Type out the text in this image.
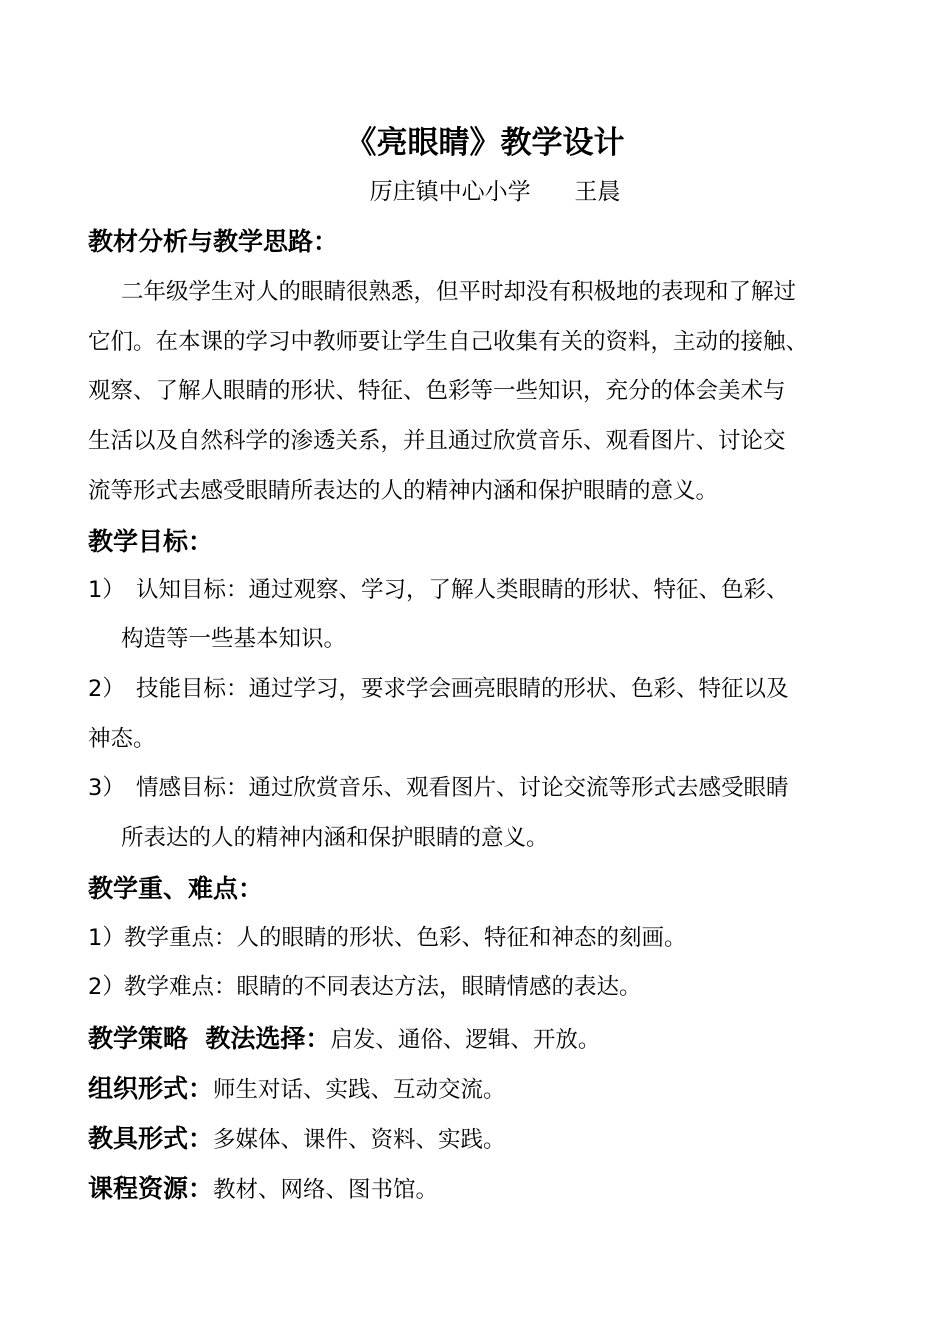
《亮眼睛》教学设计
厉庄镇中心小学      王晨
教材分析与教学思路：
二年级学生对人的眼睛很熟悉，但平时却没有积极地的表现和了解过
它们。在本课的学习中教师要让学生自己收集有关的资料，主动的接触、
观察、了解人眼睛的形状、特征、色彩等一些知识，充分的体会美术与
生活以及自然科学的渗透关系，并且通过欣赏音乐、观看图片、讨论交
流等形式去感受眼睛所表达的人的精神内涵和保护眼睛的意义。
教学目标：
1） 认知目标：通过观察、学习，了解人类眼睛的形状、特征、色彩、
构造等一些基本知识。
2） 技能目标：通过学习，要求学会画亮眼睛的形状、色彩、特征以及
神态。
3） 情感目标：通过欣赏音乐、观看图片、讨论交流等形式去感受眼睛
所表达的人的精神内涵和保护眼睛的意义。
教学重、难点：
1）教学重点：人的眼睛的形状、色彩、特征和神态的刻画。
2）教学难点：眼睛的不同表达方法，眼睛情感的表达。
教学策略  教法选择：启发、通俗、逻辑、开放。
组织形式：师生对话、实践、互动交流。
教具形式：多媒体、课件、资料、实践。
课程资源：教材、网络、图书馆。
